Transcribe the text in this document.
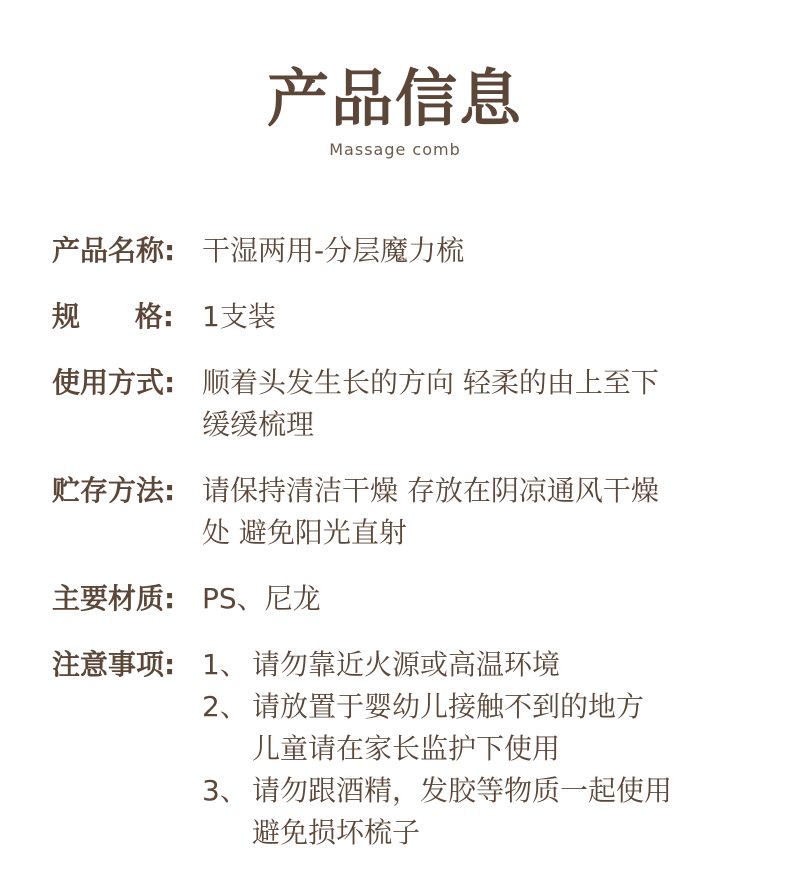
产品信息
Massage comb
产品名称: 干湿两用-分层魔力梳
规 格: 1支装
使用方式: 顺着头发生长的方向 轻柔的由上至下
缓缓梳理
贮存方法: 请保持清洁干燥 存放在阴凉通风干燥
处 避免阳光直射
主要材质: PS、尼龙
注意事项: 1、 请勿靠近火源或高温环境
2、 请放置于婴幼儿接触不到的地方
儿童请在家长监护下使用
3、 请勿跟酒精，发胶等物质一起使用
避免损坏梳子
